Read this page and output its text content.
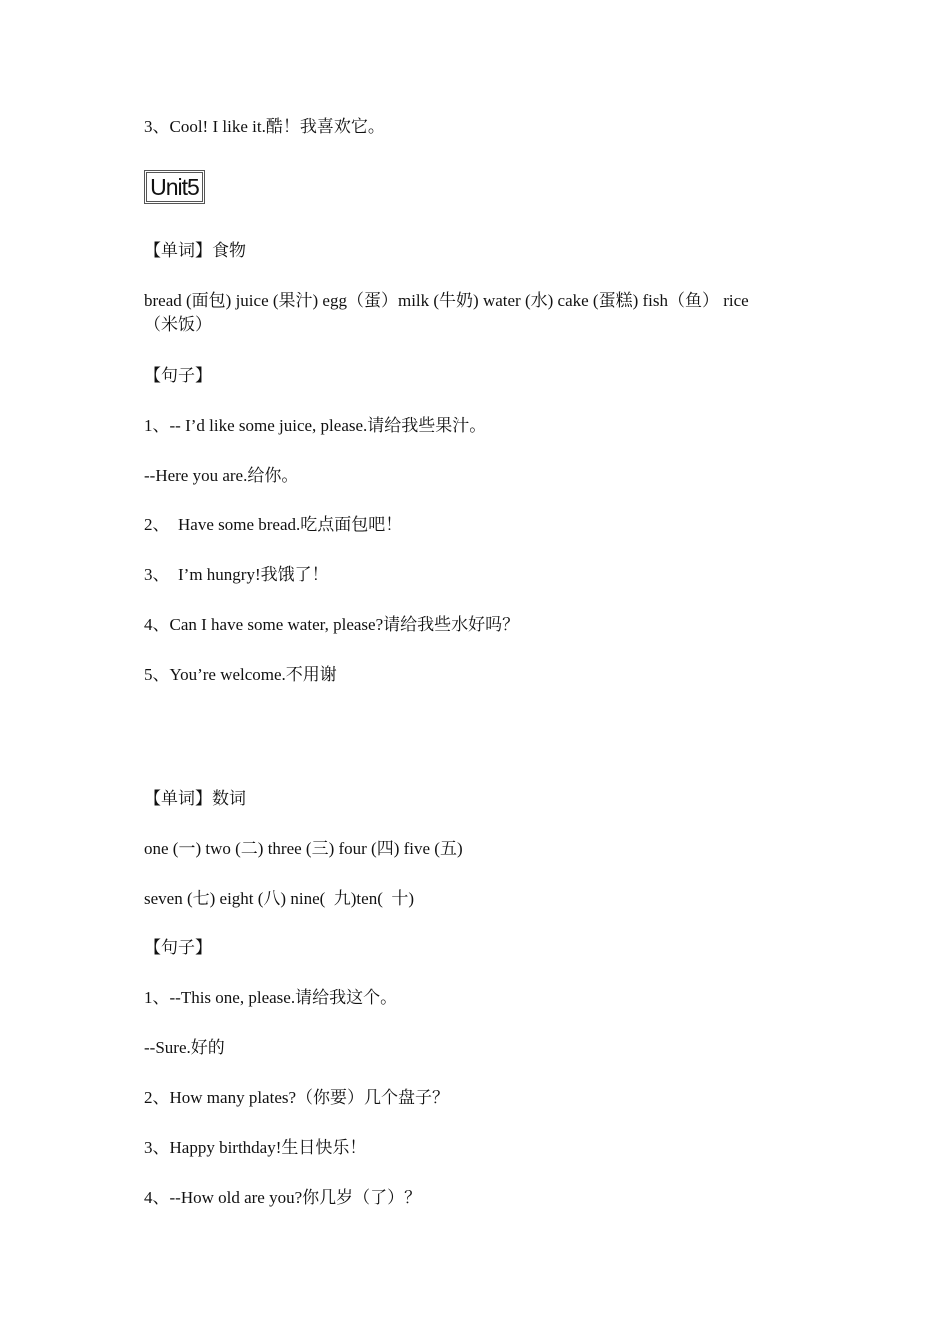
3、Cool! I like it.酷！我喜欢它。
Unit5
【单词】食物
bread (面包) juice (果汁) egg（蛋）milk (牛奶) water (水) cake (蛋糕) fish（鱼） rice
（米饭）
【句子】
1、-- I’d like some juice, please.请给我些果汁。
--Here you are.给你。
2、  Have some bread.吃点面包吧！
3、  I’m hungry!我饿了！
4、Can I have some water, please?请给我些水好吗？
5、You’re welcome.不用谢
【单词】数词
one (一) two (二) three (三) four (四) five (五)
seven (七) eight (八) nine(  九)ten(  十)
【句子】
1、--This one, please.请给我这个。
--Sure.好的
2、How many plates?（你要）几个盘子？
3、Happy birthday!生日快乐！
4、--How old are you?你几岁（了）？
